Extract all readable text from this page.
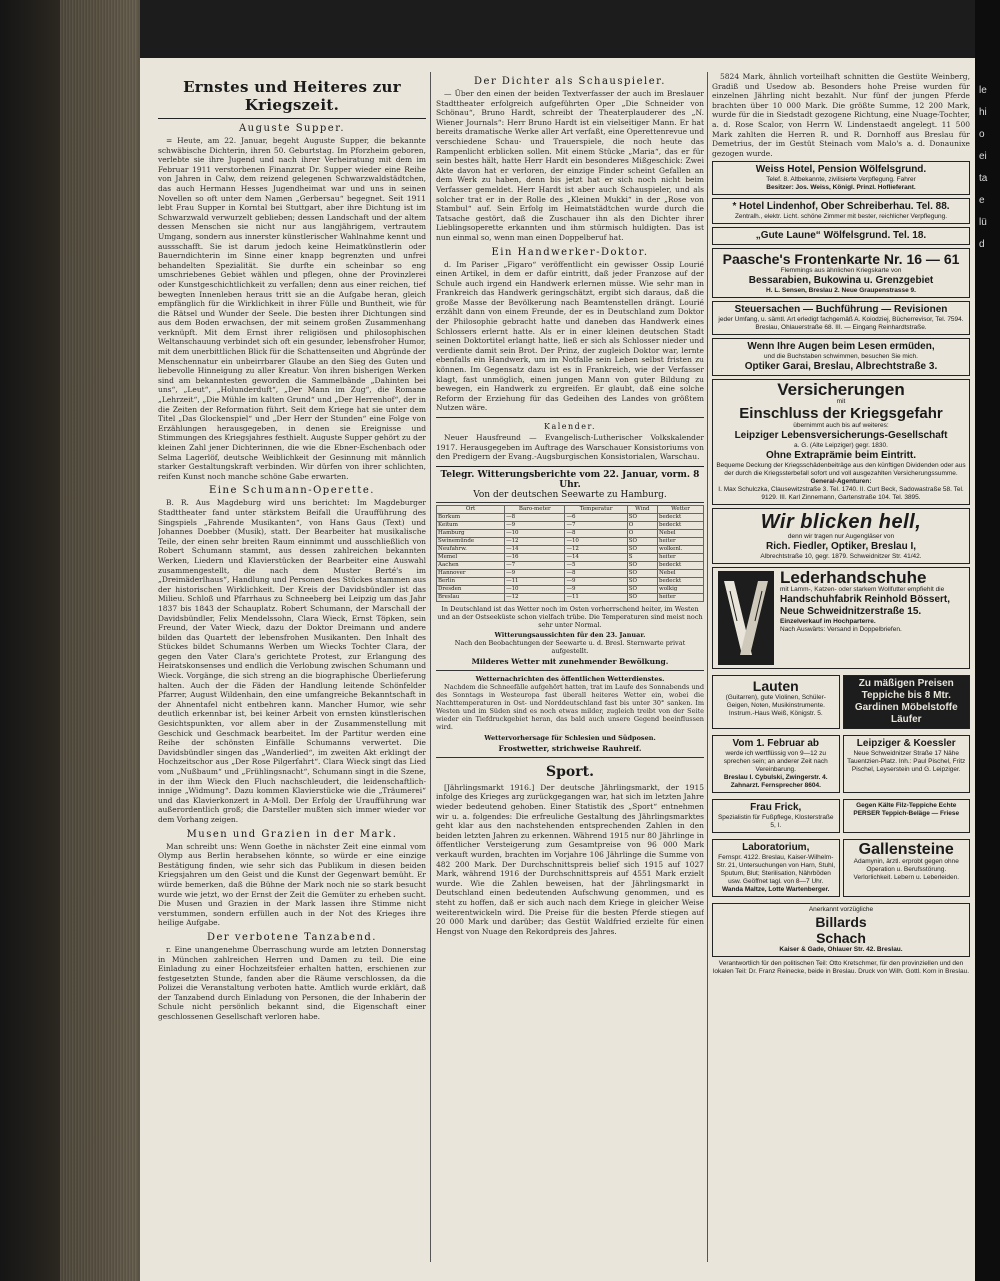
le
hi
o
ei
ta
e
lü
d
Ernstes und Heiteres zur Kriegszeit.
Auguste Supper.

= Heute, am 22. Januar, begeht Auguste Supper, die bekannte schwäbische Dichterin, ihren 50. Geburtstag. Im Pforzheim geboren, verlebte sie ihre Jugend und nach ihrer Verheiratung mit dem im Februar 1911 verstorbenen Finanzrat Dr. Supper wieder eine Reihe von Jahren in Calw, dem reizend gelegenen Schwarzwaldstädtchen, das auch Hermann Hesses Jugendheimat war und uns in seinen Novellen so oft unter dem Namen „Gerbersau“ begegnet. Seit 1911 lebt Frau Supper in Korntal bei Stuttgart, aber ihre Dichtung ist im Schwarzwald verwurzelt geblieben; dessen Landschaft und der altem dessen Menschen sie nicht nur aus langjährigem, vertrautem Umgang, sondern aus innerster künstlerischer Wahlnahme kennt und aussschafft. Sie ist darum jedoch keine Heimatkünstlerin oder Bauerndichterin im Sinne einer knapp begrenzten und unfrei behandelten Spezialität. Sie durfte ein scheinbar so eng umschriebenes Gebiet wählen und pflegen, ohne der Provinzlerei oder Kunstgeschichtlichkeit zu verfallen; denn aus einer reichen, tief bewegten Innenleben heraus tritt sie an die Aufgabe heran, gleich empfänglich für die Wirklichkeit in ihrer Fülle und Buntheit, wie für die Rätsel und Wunder der Seele. Die besten ihrer Dichtungen sind aus dem Boden erwachsen, der mit seinem großen Zusammenhang verknüpft. Mit dem Ernst ihrer religiösen und philosophischen Weltanschauung verbindet sich oft ein gesunder, lebensfroher Humor, mit dem unerbittlichen Blick für die Schattenseiten und Abgründe der Menschennatur ein unbeirrbarer Glaube an den Sieg des Guten und liebevolle Hinneigung zu aller Kreatur. Von ihren bisherigen Werken sind am bekanntesten geworden die Sammelbände „Dahinten bei uns“, „Leut“, „Holunderduft“, „Der Mann im Zug“, die Romane „Lehrzeit“, „Die Mühle im kalten Grund“ und „Der Herrenhof“, der in die Zeiten der Reformation führt. Seit dem Kriege hat sie unter dem Titel „Das Glockenspiel“ und „Der Herr der Stunden“ eine Folge von Erzählungen herausgegeben, in denen sie Ereignisse und Stimmungen des Kriegsjahres festhielt. Auguste Supper gehört zu der kleinen Zahl jener Dichterinnen, die wie die Ebner-Eschenbach oder Selma Lagerlöf, deutsche Weiblichkeit der Gesinnung mit männlich starker Gestaltungskraft verbinden. Wir dürfen von ihrer schlichten, reifen Kunst noch manche schöne Gabe erwarten.

Eine Schumann-Operette.

B. R. Aus Magdeburg wird uns berichtet: Im Magdeburger Stadttheater fand unter stärkstem Beifall die Uraufführung des Singspiels „Fahrende Musikanten“, von Hans Gaus (Text) und Johannes Doebber (Musik), statt. Der Bearbeiter hat musikalische Teile, der einen sehr breiten Raum einnimmt und ausschließlich von Robert Schumann stammt, aus dessen zahlreichen bekannten Werken, Liedern und Klavierstücken der Bearbeiter eine Auswahl zusammengestellt, die nach dem Muster Berté's im „Dreimäderlhaus“, Handlung und Personen des Stückes stammen aus der historischen Wirklichkeit. Der Kreis der Davidsbündler ist das Milieu. Schloß und Pfarrhaus zu Schneeberg bei Leipzig um das Jahr 1837 bis 1843 der Schauplatz. Robert Schumann, der Marschall der Davidsbündler, Felix Mendelssohn, Clara Wieck, Ernst Töpken, sein Freund, der Vater Wieck, dazu der Doktor Dreimann und andere bilden das Quartett der lebensfrohen Musikanten. Den Inhalt des Stückes bildet Schumanns Werben um Wiecks Tochter Clara, der gegen den Vater Clara's gerichtete Protest, zur Erlangung des Heiratskonsenses und endlich die Verlobung zwischen Schumann und Wieck. Vorgänge, die sich streng an die biographische Überlieferung halten. Auch der die Fäden der Handlung leitende Schönfelder Pfarrer, August Wildenhain, den eine umfangreiche Bekanntschaft in der Ahnentafel nicht entbehren kann. Mancher Humor, wie sehr deutlich erkennbar ist, bei keiner Arbeit von ernsten künstlerischen Gesichtspunkten, vor allem aber in der Zusammenstellung mit Geschick und Geschmack bearbeitet. Im der Partitur werden eine Reihe der schönsten Einfälle Schumanns verwertet. Die Davidsbündler singen das „Wanderlied“, im zweiten Akt erklingt der Hochzeitschor aus „Der Rose Pilgerfahrt“. Clara Wieck singt das Lied vom „Nußbaum“ und „Frühlingsnacht“, Schumann singt in die Szene, in der ihm Wieck den Fluch nachschleudert, die leidenschaftlich-innige „Widmung“. Dazu kommen Klavierstücke wie die „Träumerei“ und das Klavierkonzert in A-Moll. Der Erfolg der Uraufführung war außerordentlich groß; die Darsteller mußten sich immer wieder vor dem Vorhang zeigen.

Musen und Grazien in der Mark.

Man schreibt uns: Wenn Goethe in nächster Zeit eine einmal vom Olymp aus Berlin herabsehen könnte, so würde er eine einzige Bestätigung finden, wie sehr sich das Publikum in diesen beiden Kriegsjahren um den Geist und die Kunst der Gegenwart bemüht. Er würde bemerken, daß die Bühne der Mark noch nie so stark besucht wurde wie jetzt, wo der Ernst der Zeit die Gemüter zu erheben sucht. Die Musen und Grazien in der Mark lassen ihre Stimme nicht verstummen, sondern erfüllen auch in der Not des Krieges ihre heilige Aufgabe.

Der verbotene Tanzabend.

r. Eine unangenehme Überraschung wurde am letzten Donnerstag in München zahlreichen Herren und Damen zu teil. Die eine Einladung zu einer Hochzeitsfeier erhalten hatten, erschienen zur festgesetzten Stunde, fanden aber die Räume verschlossen, da die Polizei die Veranstaltung verboten hatte. Amtlich wurde erklärt, daß der Tanzabend durch Einladung von Personen, die der Inhaberin der Schule nicht persönlich bekannt sind, die Eigenschaft einer geschlossenen Gesellschaft verloren habe.

Der Dichter als Schauspieler.

— Über den einen der beiden Textverfasser der auch im Breslauer Stadttheater erfolgreich aufgeführten Oper „Die Schneider von Schönau“, Bruno Hardt, schreibt der Theaterplauderer des „N. Wiener Journals“: Herr Bruno Hardt ist ein vielseitiger Mann. Er hat bereits dramatische Werke aller Art verfaßt, eine Operettenrevue und verschiedene Schau- und Trauerspiele, die noch heute das Rampenlicht erblicken sollen. Mit einem Stücke „Maria“, das er für sein bestes hält, hatte Herr Hardt ein besonderes Mißgeschick: Zwei Akte davon hat er verloren, der einzige Finder scheint Gefallen an dem Werk zu haben, denn bis jetzt hat er sich noch nicht beim Verfasser gemeldet. Herr Hardt ist aber auch Schauspieler, und als solcher trat er in der Rolle des „Kleinen Mukki“ in der „Rose von Stambul“ auf. Sein Erfolg im Heimatstädtchen wurde durch die Tatsache gestört, daß die Zuschauer ihn als den Dichter ihrer Lieblingsoperette erkannten und ihm stürmisch huldigten. Das ist nun einmal so, wenn man einen Doppelberuf hat.

Ein Handwerker-Doktor.

d. Im Pariser „Figaro“ veröffentlicht ein gewisser Ossip Lourié einen Artikel, in dem er dafür eintritt, daß jeder Franzose auf der Schule auch irgend ein Handwerk erlernen müsse. Wie sehr man in Frankreich das Handwerk geringschätzt, ergibt sich daraus, daß die große Masse der Bevölkerung nach Beamtenstellen drängt. Lourié erzählt dann von einem Freunde, der es in Deutschland zum Doktor der Philosophie gebracht hatte und daneben das Handwerk eines Schlossers erlernt hatte. Als er in einer kleinen deutschen Stadt seinen Doktortitel erlangt hatte, ließ er sich als Schlosser nieder und verdiente damit sein Brot. Der Prinz, der zugleich Doktor war, lernte ebenfalls ein Handwerk, um im Notfalle sein Leben selbst fristen zu können. Im Gegensatz dazu ist es in Frankreich, wie der Verfasser klagt, fast unmöglich, einen jungen Mann von guter Bildung zu bewegen, ein Handwerk zu ergreifen. Er glaubt, daß eine solche Reform der Erziehung für das Gedeihen des Landes von größtem Nutzen wäre.

Kalender.

Neuer Hausfreund — Evangelisch-Lutherischer Volkskalender 1917. Herausgegeben im Auftrage des Warschauer Konsistoriums von den Predigern der Evang.-Augsburgischen Konsistorialen, Warschau.

Telegr. Witterungsberichte vom 22. Januar, vorm. 8 Uhr.
Von der deutschen Seewarte zu Hamburg.
Ort	Baro-meter	Temperatur	Wind	Wetter
Borkum	—8	—6	SO	bedeckt
Keitum	—9	—7	O	bedeckt
Hamburg	—10	—8	O	Nebel
Swinemünde	—12	—10	SO	heiter
Neufahrw.	—14	—12	SO	wolkenl.
Memel	—16	—14	S	heiter
Aachen	—7	—5	SO	bedeckt
Hannover	—9	—8	SO	Nebel
Berlin	—11	—9	SO	bedeckt
Dresden	—10	—9	SO	wolkig
Breslau	—12	—11	SO	heiter
In Deutschland ist das Wetter noch im Osten vorherrschend heiter, im Westen und an der Ostseeküste schon vielfach trübe. Die Temperaturen sind meist noch sehr unter Normal.
Witterungsaussichten für den 23. Januar.
Nach den Beobachtungen der Seewarte u. d. Bresl. Sternwarte privat aufgestellt.
Milderes Wetter mit zunehmender Bewölkung.
Wetternachrichten des öffentlichen Wetterdienstes.

Nachdem die Schneefälle aufgehört hatten, trat im Laufe des Sonnabends und des Sonntags in Westeuropa fast überall heiteres Wetter ein, wobei die Nachttemperaturen in Ost- und Norddeutschland fast bis unter 30° sanken. Im Westen und im Süden sind es noch etwas milder, zugleich treibt von der Seite wieder ein Tiefdruckgebiet heran, das bald auch unsere Gegend beeinflussen wird.

Wettervorhersage für Schlesien und Südposen.
Frostwetter, strichweise Rauhreif.
Sport.

[Jährlingsmarkt 1916.] Der deutsche Jährlingsmarkt, der 1915 infolge des Krieges arg zurückgegangen war, hat sich im letzten Jahre wieder bedeutend gehoben. Einer Statistik des „Sport“ entnehmen wir u. a. folgendes: Die erfreuliche Gestaltung des Jährlingsmarktes geht klar aus den nachstehenden entsprechenden Zahlen in den beiden letzten Jahren zu erkennen. Während 1915 nur 80 Jährlinge in öffentlicher Versteigerung zum Gesamtpreise von 96 000 Mark verkauft wurden, brachten im Vorjahre 106 Jährlinge die Summe von 482 200 Mark. Der Durchschnittspreis belief sich 1915 auf 1027 Mark, während 1916 der Durchschnittspreis auf 4551 Mark erzielt wurde. Wie die Zahlen beweisen, hat der Jährlingsmarkt in Deutschland einen bedeutenden Aufschwung genommen, und es steht zu hoffen, daß er sich auch nach dem Kriege in gleicher Weise weiterentwickeln wird. Die Preise für die besten Pferde stiegen auf 20 000 Mark und darüber; das Gestüt Waldfried erzielte für einen Hengst von Nuage den Rekordpreis des Jahres.

5824 Mark, ähnlich vorteilhaft schnitten die Gestüte Weinberg, Gradiß und Usedow ab. Besonders hohe Preise wurden für einzelnen Jährling nicht bezahlt. Nur fünf der jungen Pferde brachten über 10 000 Mark. Die größte Summe, 12 200 Mark, wurde für die in Siedstadt gezogene Richtung, eine Nuage-Tochter, a. d. Rose Scalor, von Herrn W. Lindenstaedt angelegt. 11 500 Mark zahlten die Herren R. und R. Dornhoff aus Breslau für Demetrius, der im Gestüt Steinach vom Malo's a. d. Donaunixe gezogen wurde.

Weiss Hotel, Pension Wölfelsgrund.
Telef. 8. Altbekannte, zivilisierte Verpflegung. Fahrer
Besitzer: Jos. Weiss, Königl. Prinzl. Hoflieferant.
* Hotel Lindenhof, Ober Schreiberhau. Tel. 88.
Zentralh., elektr. Licht. schöne Zimmer mit bester, reichlicher Verpflegung.
„Gute Laune“ Wölfelsgrund. Tel. 18.
Paasche's Frontenkarte Nr. 16 — 61
Flemmings aus ähnlichen Kriegskarte von
Bessarabien, Bukowina u. Grenzgebiet
H. L. Sensen, Breslau 2. Neue Graupenstrasse 9.
Steuersachen — Buchführung — Revisionen
jeder Umfang, u. sämtl. Art erledigt fachgemäß A. Koiodziej, Bücherrevisor, Tel. 7594. Breslau, Ohlauerstraße 68. III. — Eingang Reinhardtstraße.
Wenn Ihre Augen beim Lesen ermüden,
und die Buchstaben schwimmen, besuchen Sie mich.
Optiker Garai, Breslau, Albrechtstraße 3.
Versicherungen
mit
Einschluss der Kriegsgefahr
übernimmt auch bis auf weiteres:
Leipziger Lebensversicherungs-Gesellschaft
a. G. (Alte Leipziger) gegr. 1830.
Ohne Extraprämie beim Eintritt.
Bequeme Deckung der Kriegsschädenbeiträge aus den künftigen Dividenden oder aus der durch die Kriegssterbefall sofort und voll ausgezahlten Versicherungssumme.
General-Agenturen:
I. Max Schulczka, Clausewitzstraße 3. Tel. 1740. II. Curt Beck, Sadowastraße 58. Tel. 9129. III. Karl Zinnemann, Gartenstraße 104. Tel. 3895.
Wir blicken hell,
denn wir tragen nur Augengläser von
Rich. Fiedler, Optiker, Breslau I,
Albrechtstraße 10, gegr. 1879. Schweidnitzer Str. 41/42.
Lederhandschuhe
mit Lamm-, Katzen- oder starkem Wollfutter empfiehlt die
Handschuhfabrik Reinhold Bössert,
Neue Schweidnitzerstraße 15.
Einzelverkauf im Hochparterre.
Nach Auswärts: Versand in Doppelbriefen.
Lauten
(Guitarren), gute Violinen, Schüler-Geigen, Noten, Musikinstrumente. Instrum.-Haus Weiß, Königstr. 5.
Zu mäßigen Preisen Teppiche bis 8 Mtr. Gardinen Möbelstoffe Läufer
Vom 1. Februar ab
werde ich wertflüssig von 9—12 zu sprechen sein; an anderer Zeit nach Vereinbarung.
Breslau I. Cybulski, Zwingerstr. 4. Zahnarzt. Fernsprecher 8604.
Leipziger & Koessler
Neue Schweidnitzer Straße 17 Nähe Tauentzien-Platz. Inh.: Paul Pischel, Fritz Pischel, Leyserstein und G. Leipziger.
Frau Frick,
Spezialistin für Fußpflege, Klosterstraße 5, I.
Gegen Kälte Filz-Teppiche Echte PERSER Teppich-Beläge — Friese
Laboratorium,
Fernspr. 4122. Breslau, Kaiser-Wilhelm-Str. 21, Untersuchungen von Harn, Stuhl, Sputum, Blut; Sterilisation, Nährböden usw. Geöffnet tagl. von 8—7 Uhr.
Wanda Maltze, Lotte Wartenberger.
Gallensteine
Adamynin, ärztl. erprobt gegen ohne Operation u. Berufsstörung. Verlorlichkeit. Lebern u. Leberleiden.
Anerkannt vorzügliche
Billards
Schach
Kaiser & Gade, Ohlauer Str. 42. Breslau.
Verantwortlich für den politischen Teil: Otto Kretschmer, für den provinziellen und den lokalen Teil: Dr. Franz Reinecke, beide in Breslau. Druck von Wilh. Gottl. Korn in Breslau.
